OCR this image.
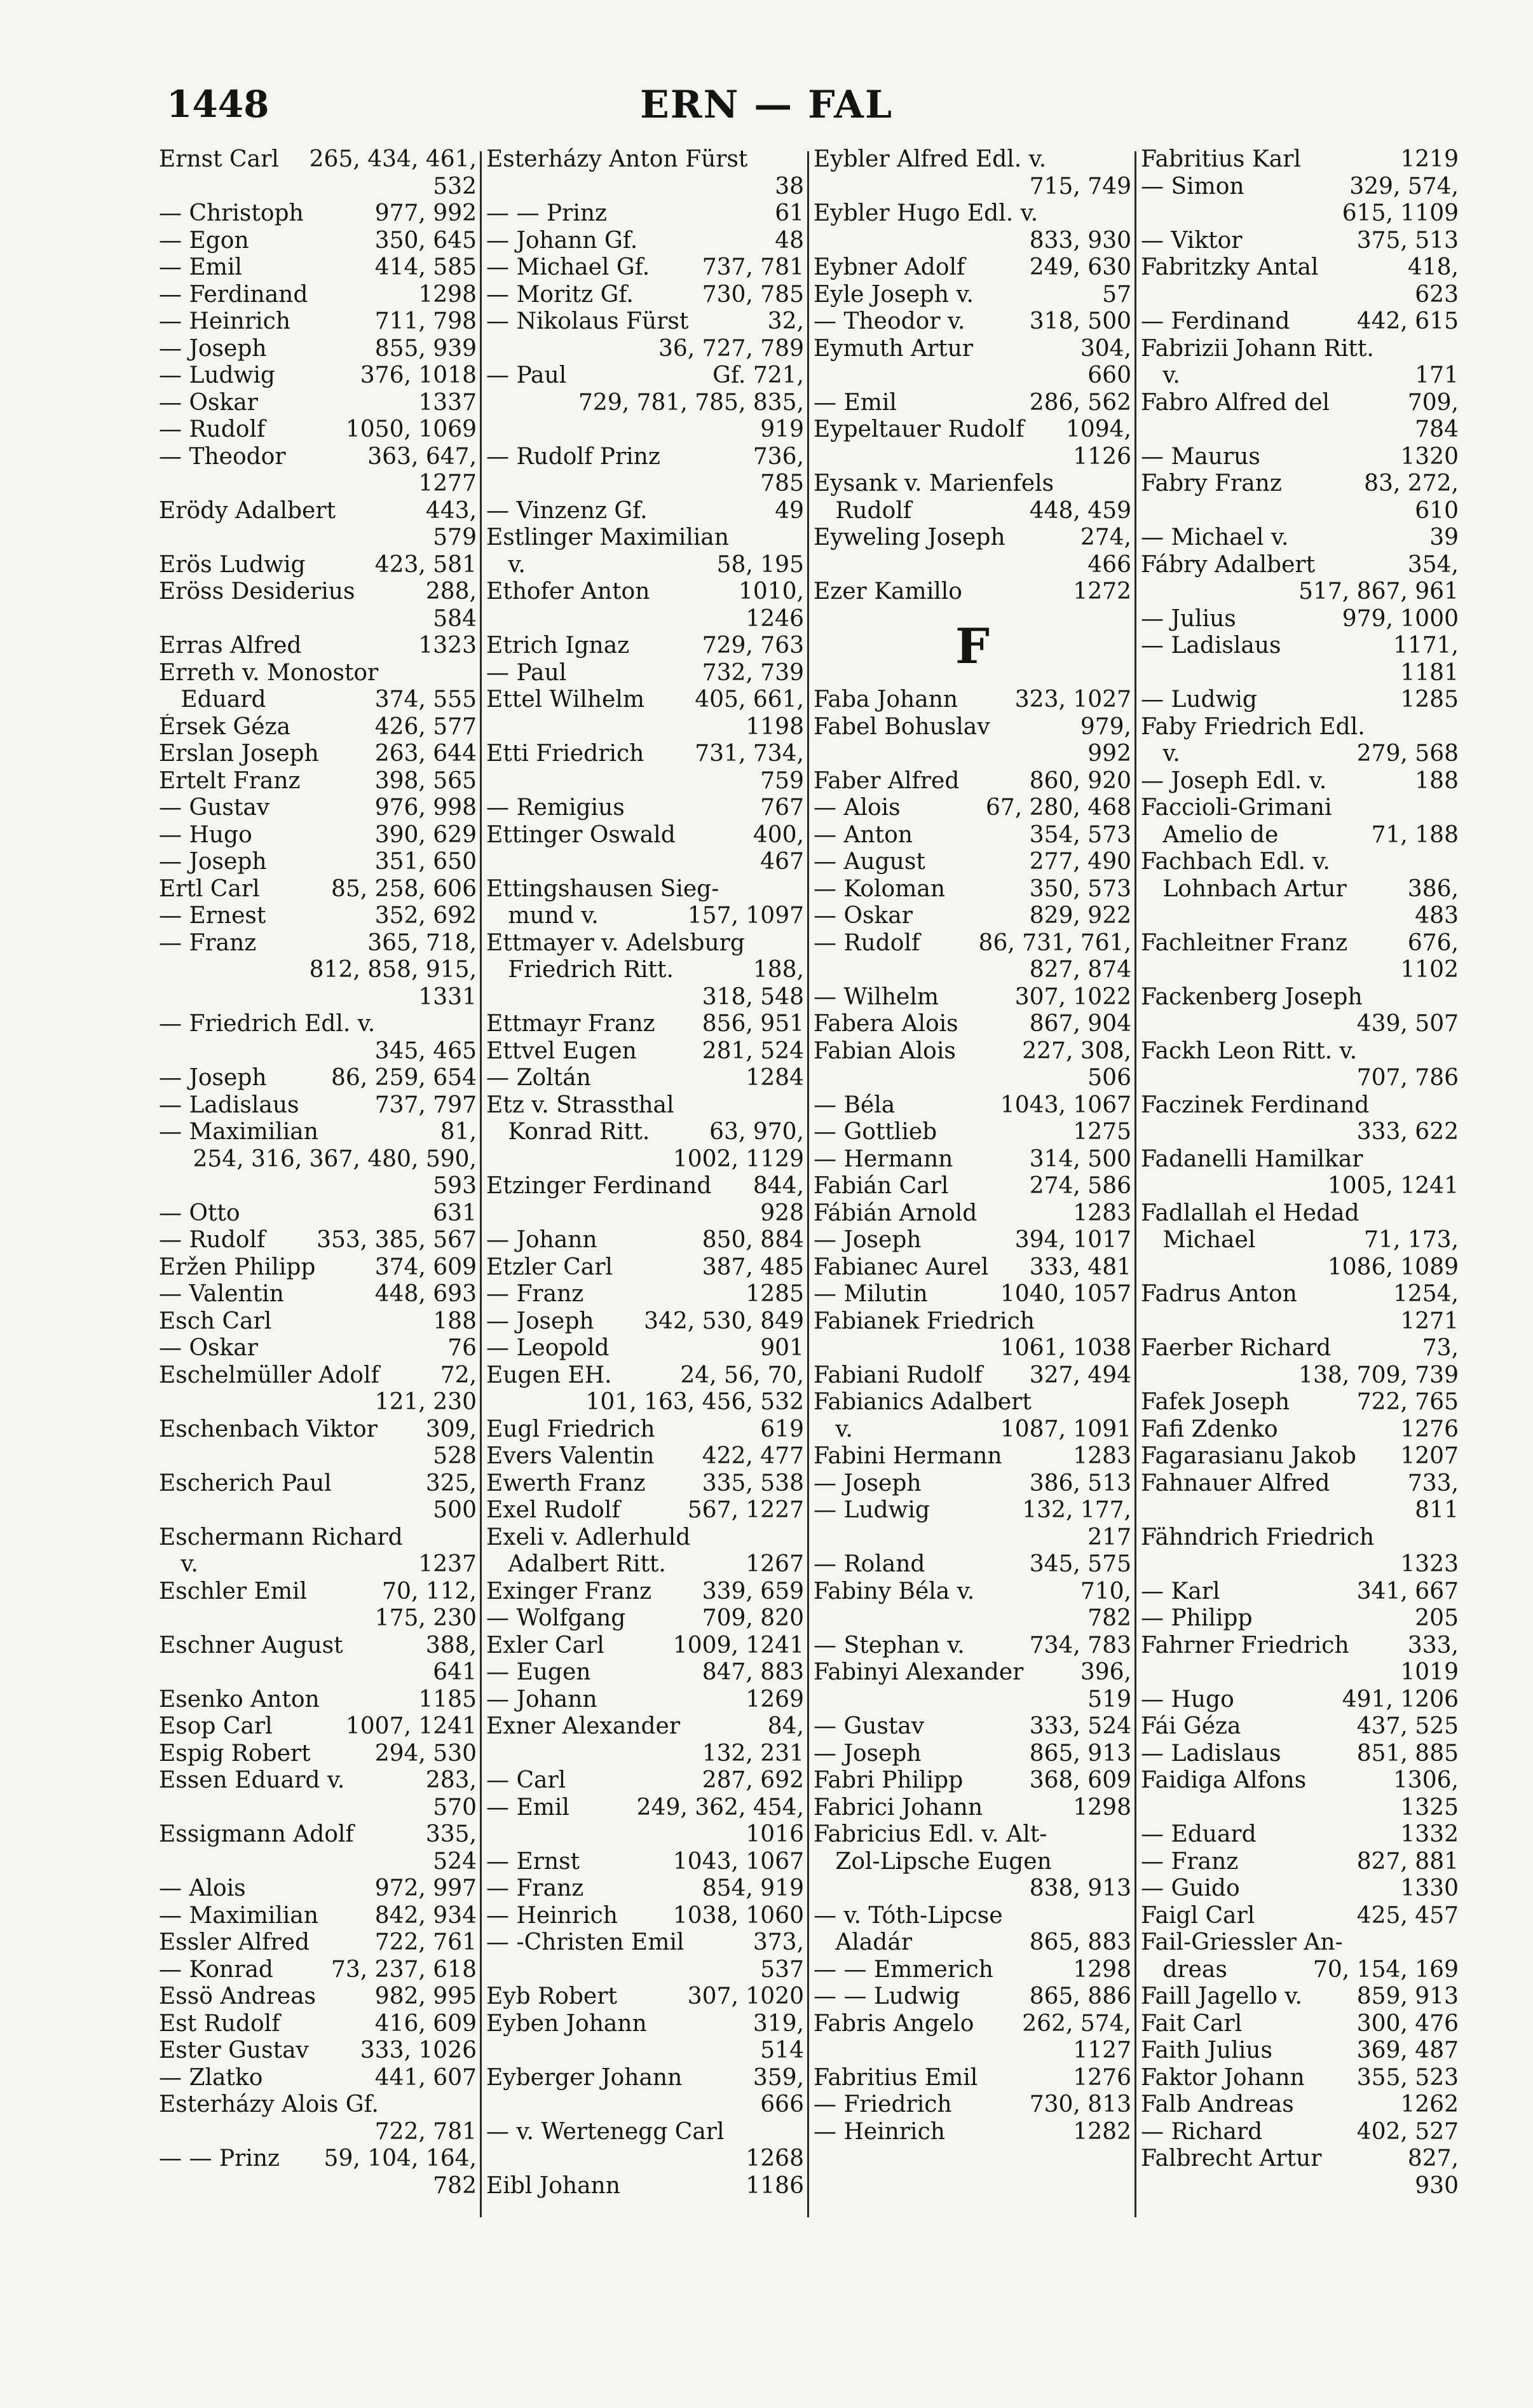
1448	ERN — FAL
Ernst Carl 265, 434, 461,
532
— Christoph	977, 992
— Egon	350, 645
— Emil	414, 585
— Ferdinand	1298
— Heinrich	711, 798
— Joseph	855, 939
— Ludwig	376, 1018
— Oskar	1337
— Rudolf	1050, 1069
— Theodor	363, 647,
1277
Erödy Adalbert	443,
579
Erös Ludwig	423, 581
Eröss Desiderius	288,
584
Erras Alfred	1323
Erreth v. Monostor
Eduard	374, 555
Érsek Géza	426, 577
Erslan Joseph 263, 644
Ertelt Franz	398, 565
— Gustav	976, 998
— Hugo	390, 629
— Joseph	351, 650
Ertl Carl	85, 258, 606
— Ernest	352, 692
— Franz	365, 718,
812, 858, 915,
1331
— Friedrich Edl. v.
345, 465
— Joseph	86, 259, 654
— Ladislaus	737, 797
— Maximilian	81,
254, 316, 367, 480, 590,
593
— Otto	631
— Rudolf 353, 385, 567
Eržen Philipp	374, 609
— Valentin	448, 693
Esch Carl	188
— Oskar	76
Eschelmüller Adolf	72,
121, 230
Eschenbach Viktor 309,
528
Escherich Paul	325,
500
Eschermann Richard
v.	1237
Eschler Emil	70, 112,
175, 230
Eschner August	388,
641
Esenko Anton	1185
Esop Carl	1007, 1241
Espig Robert	294, 530
Essen Eduard v.	283,
570
Essigmann Adolf	335,
524
— Alois	972, 997
— Maximilian 842, 934
Essler Alfred	722, 761
— Konrad	73, 237, 618
Essö Andreas	982, 995
Est Rudolf	416, 609
Ester Gustav 333, 1026
— Zlatko	441, 607
Esterházy Alois Gf.
722, 781
— — Prinz 59, 104, 164,
782
Esterházy Anton Fürst
38
— — Prinz	61
— Johann Gf.	48
— Michael Gf. 737, 781
— Moritz Gf.	730, 785
— Nikolaus Fürst	32,
36, 727, 789
— Paul	Gf. 721,
729, 781, 785, 835,
919
— Rudolf Prinz	736,
785
— Vinzenz Gf.	49
Estlinger Maximilian
v.	58, 195
Ethofer Anton	1010,
1246
Etrich Ignaz	729, 763
— Paul	732, 739
Ettel Wilhelm 405, 661,
1198
Etti Friedrich 731, 734,
759
— Remigius	767
Ettinger Oswald	400,
467
Ettingshausen Sieg-
mund v.	157, 1097
Ettmayer v. Adelsburg
Friedrich Ritt.	188,
318, 548
Ettmayr Franz 856, 951
Ettvel Eugen	281, 524
— Zoltán	1284
Etz v. Strassthal
Konrad Ritt.	63, 970,
1002, 1129
Etzinger Ferdinand 844,
928
— Johann	850, 884
Etzler Carl	387, 485
— Franz	1285
— Joseph 342, 530, 849
— Leopold	901
Eugen EH.	24, 56, 70,
101, 163, 456, 532
Eugl Friedrich	619
Evers Valentin 422, 477
Ewerth Franz 335, 538
Exel Rudolf	567, 1227
Exeli v. Adlerhuld
Adalbert Ritt.	1267
Exinger Franz 339, 659
— Wolfgang	709, 820
Exler Carl	1009, 1241
— Eugen	847, 883
— Johann	1269
Exner Alexander	84,
132, 231
— Carl	287, 692
— Emil	249, 362, 454,
1016
— Ernst	1043, 1067
— Franz	854, 919
— Heinrich 1038, 1060
— -Christen Emil	373,
537
Eyb Robert	307, 1020
Eyben Johann	319,
514
Eyberger Johann	359,
666
— v. Wertenegg Carl
1268
Eibl Johann	1186
Eybler Alfred Edl. v.
715, 749
Eybler Hugo Edl. v.
833, 930
Eybner Adolf	249, 630
Eyle Joseph v.	57
— Theodor v.	318, 500
Eymuth Artur	304,
660
— Emil	286, 562
Eypeltauer Rudolf 1094,
1126
Eysank v. Marienfels
Rudolf	448, 459
Eyweling Joseph	274,
466
Ezer Kamillo	1272
F
Faba Johann 323, 1027
Fabel Bohuslav	979,
992
Faber Alfred	860, 920
— Alois	67, 280, 468
— Anton	354, 573
— August	277, 490
— Koloman	350, 573
— Oskar	829, 922
— Rudolf	86, 731, 761,
827, 874
— Wilhelm	307, 1022
Fabera Alois	867, 904
Fabian Alois	227, 308,
506
— Béla	1043, 1067
— Gottlieb	1275
— Hermann	314, 500
Fabián Carl	274, 586
Fábián Arnold	1283
— Joseph	394, 1017
Fabianec Aurel 333, 481
— Milutin	1040, 1057
Fabianek Friedrich
1061, 1038
Fabiani Rudolf 327, 494
Fabianics Adalbert
v.	1087, 1091
Fabini Hermann	1283
— Joseph	386, 513
— Ludwig	132, 177,
217
— Roland	345, 575
Fabiny Béla v.	710,
782
— Stephan v.	734, 783
Fabinyi Alexander 396,
519
— Gustav	333, 524
— Joseph	865, 913
Fabri Philipp	368, 609
Fabrici Johann	1298
Fabricius Edl. v. Alt-
Zol-Lipsche Eugen
838, 913
— v. Tóth-Lipcse
Aladár	865, 883
— — Emmerich	1298
— — Ludwig	865, 886
Fabris Angelo 262, 574,
1127
Fabritius Emil	1276
— Friedrich	730, 813
— Heinrich	1282
Fabritius Karl	1219
— Simon	329, 574,
615, 1109
— Viktor	375, 513
Fabritzky Antal	418,
623
— Ferdinand	442, 615
Fabrizii Johann Ritt.
v.	171
Fabro Alfred del	709,
784
— Maurus	1320
Fabry Franz	83, 272,
610
— Michael v.	39
Fábry Adalbert	354,
517, 867, 961
— Julius	979, 1000
— Ladislaus	1171,
1181
— Ludwig	1285
Faby Friedrich Edl.
v.	279, 568
— Joseph Edl. v.	188
Faccioli-Grimani
Amelio de	71, 188
Fachbach Edl. v.
Lohnbach Artur	386,
483
Fachleitner Franz	676,
1102
Fackenberg Joseph
439, 507
Fackh Leon Ritt. v.
707, 786
Faczinek Ferdinand
333, 622
Fadanelli Hamilkar
1005, 1241
Fadlallah el Hedad
Michael	71, 173,
1086, 1089
Fadrus Anton	1254,
1271
Faerber Richard	73,
138, 709, 739
Fafek Joseph	722, 765
Fafi Zdenko	1276
Fagarasianu Jakob 1207
Fahnauer Alfred	733,
811
Fähndrich Friedrich
1323
— Karl	341, 667
— Philipp	205
Fahrner Friedrich	333,
1019
— Hugo	491, 1206
Fái Géza	437, 525
— Ladislaus	851, 885
Faidiga Alfons	1306,
1325
— Eduard	1332
— Franz	827, 881
— Guido	1330
Faigl Carl	425, 457
Fail-Griessler An-
dreas	70, 154, 169
Faill Jagello v. 859, 913
Fait Carl	300, 476
Faith Julius	369, 487
Faktor Johann 355, 523
Falb Andreas	1262
— Richard	402, 527
Falbrecht Artur	827,
930
